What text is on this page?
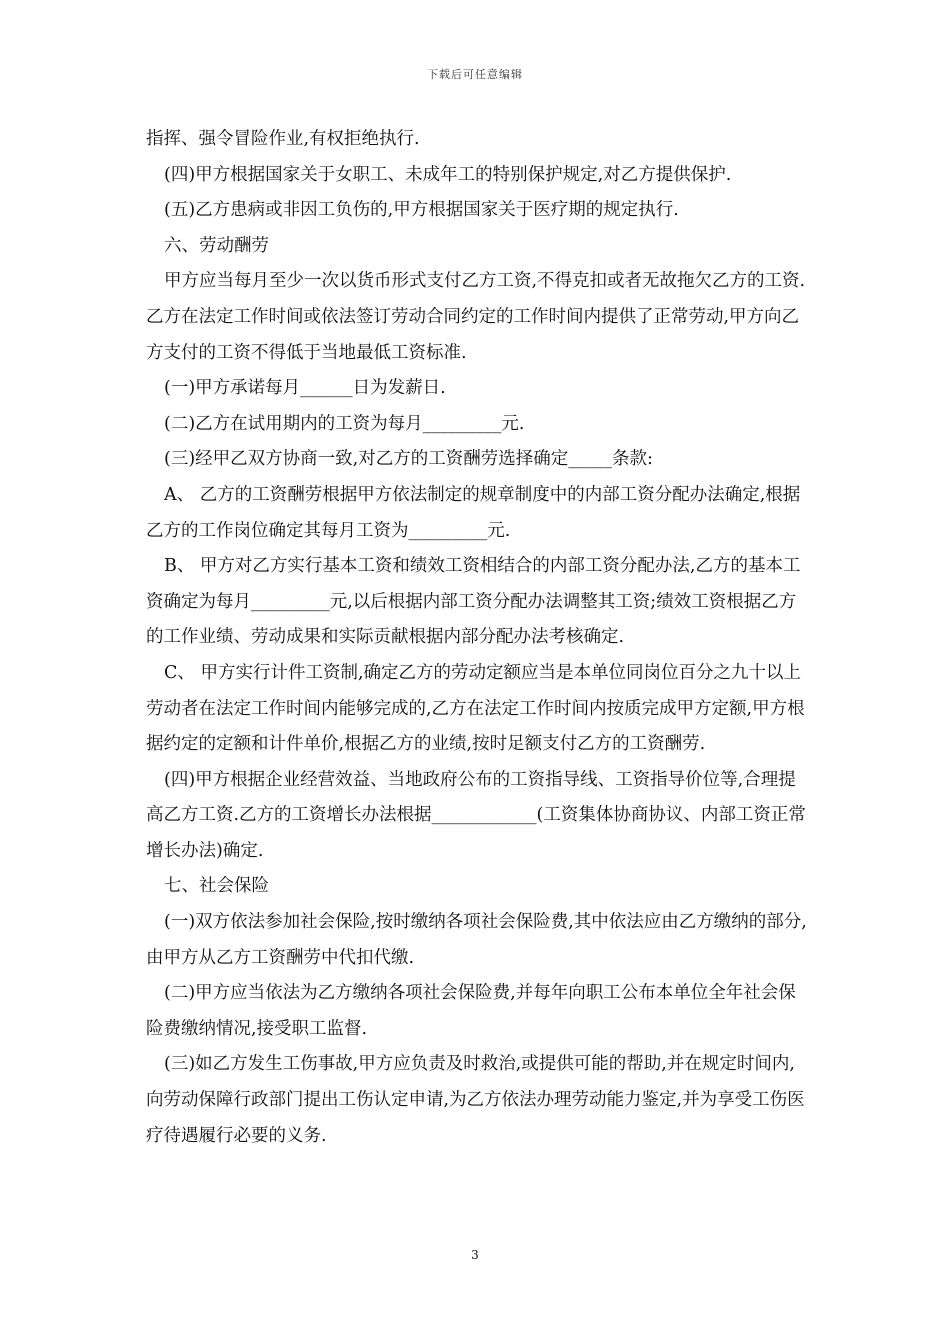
下载后可任意编辑

指挥、强令冒险作业,有权拒绝执行.

(四)甲方根据国家关于女职工、未成年工的特别保护规定,对乙方提供保护.

(五)乙方患病或非因工负伤的,甲方根据国家关于医疗期的规定执行.

六、劳动酬劳

甲方应当每月至少一次以货币形式支付乙方工资,不得克扣或者无故拖欠乙方的工资.乙方在法定工作时间或依法签订劳动合同约定的工作时间内提供了正常劳动,甲方向乙方支付的工资不得低于当地最低工资标准.

(一)甲方承诺每月______日为发薪日.

(二)乙方在试用期内的工资为每月_________元.

(三)经甲乙双方协商一致,对乙方的工资酬劳选择确定_____条款:

A、 乙方的工资酬劳根据甲方依法制定的规章制度中的内部工资分配办法确定,根据乙方的工作岗位确定其每月工资为_________元.

B、 甲方对乙方实行基本工资和绩效工资相结合的内部工资分配办法,乙方的基本工资确定为每月_________元,以后根据内部工资分配办法调整其工资;绩效工资根据乙方的工作业绩、劳动成果和实际贡献根据内部分配办法考核确定.

C、 甲方实行计件工资制,确定乙方的劳动定额应当是本单位同岗位百分之九十以上劳动者在法定工作时间内能够完成的,乙方在法定工作时间内按质完成甲方定额,甲方根据约定的定额和计件单价,根据乙方的业绩,按时足额支付乙方的工资酬劳.

(四)甲方根据企业经营效益、当地政府公布的工资指导线、工资指导价位等,合理提高乙方工资.乙方的工资增长办法根据____________(工资集体协商协议、内部工资正常增长办法)确定.

七、社会保险

(一)双方依法参加社会保险,按时缴纳各项社会保险费,其中依法应由乙方缴纳的部分,由甲方从乙方工资酬劳中代扣代缴.

(二)甲方应当依法为乙方缴纳各项社会保险费,并每年向职工公布本单位全年社会保险费缴纳情况,接受职工监督.

(三)如乙方发生工伤事故,甲方应负责及时救治,或提供可能的帮助,并在规定时间内,向劳动保障行政部门提出工伤认定申请,为乙方依法办理劳动能力鉴定,并为享受工伤医疗待遇履行必要的义务.

3
